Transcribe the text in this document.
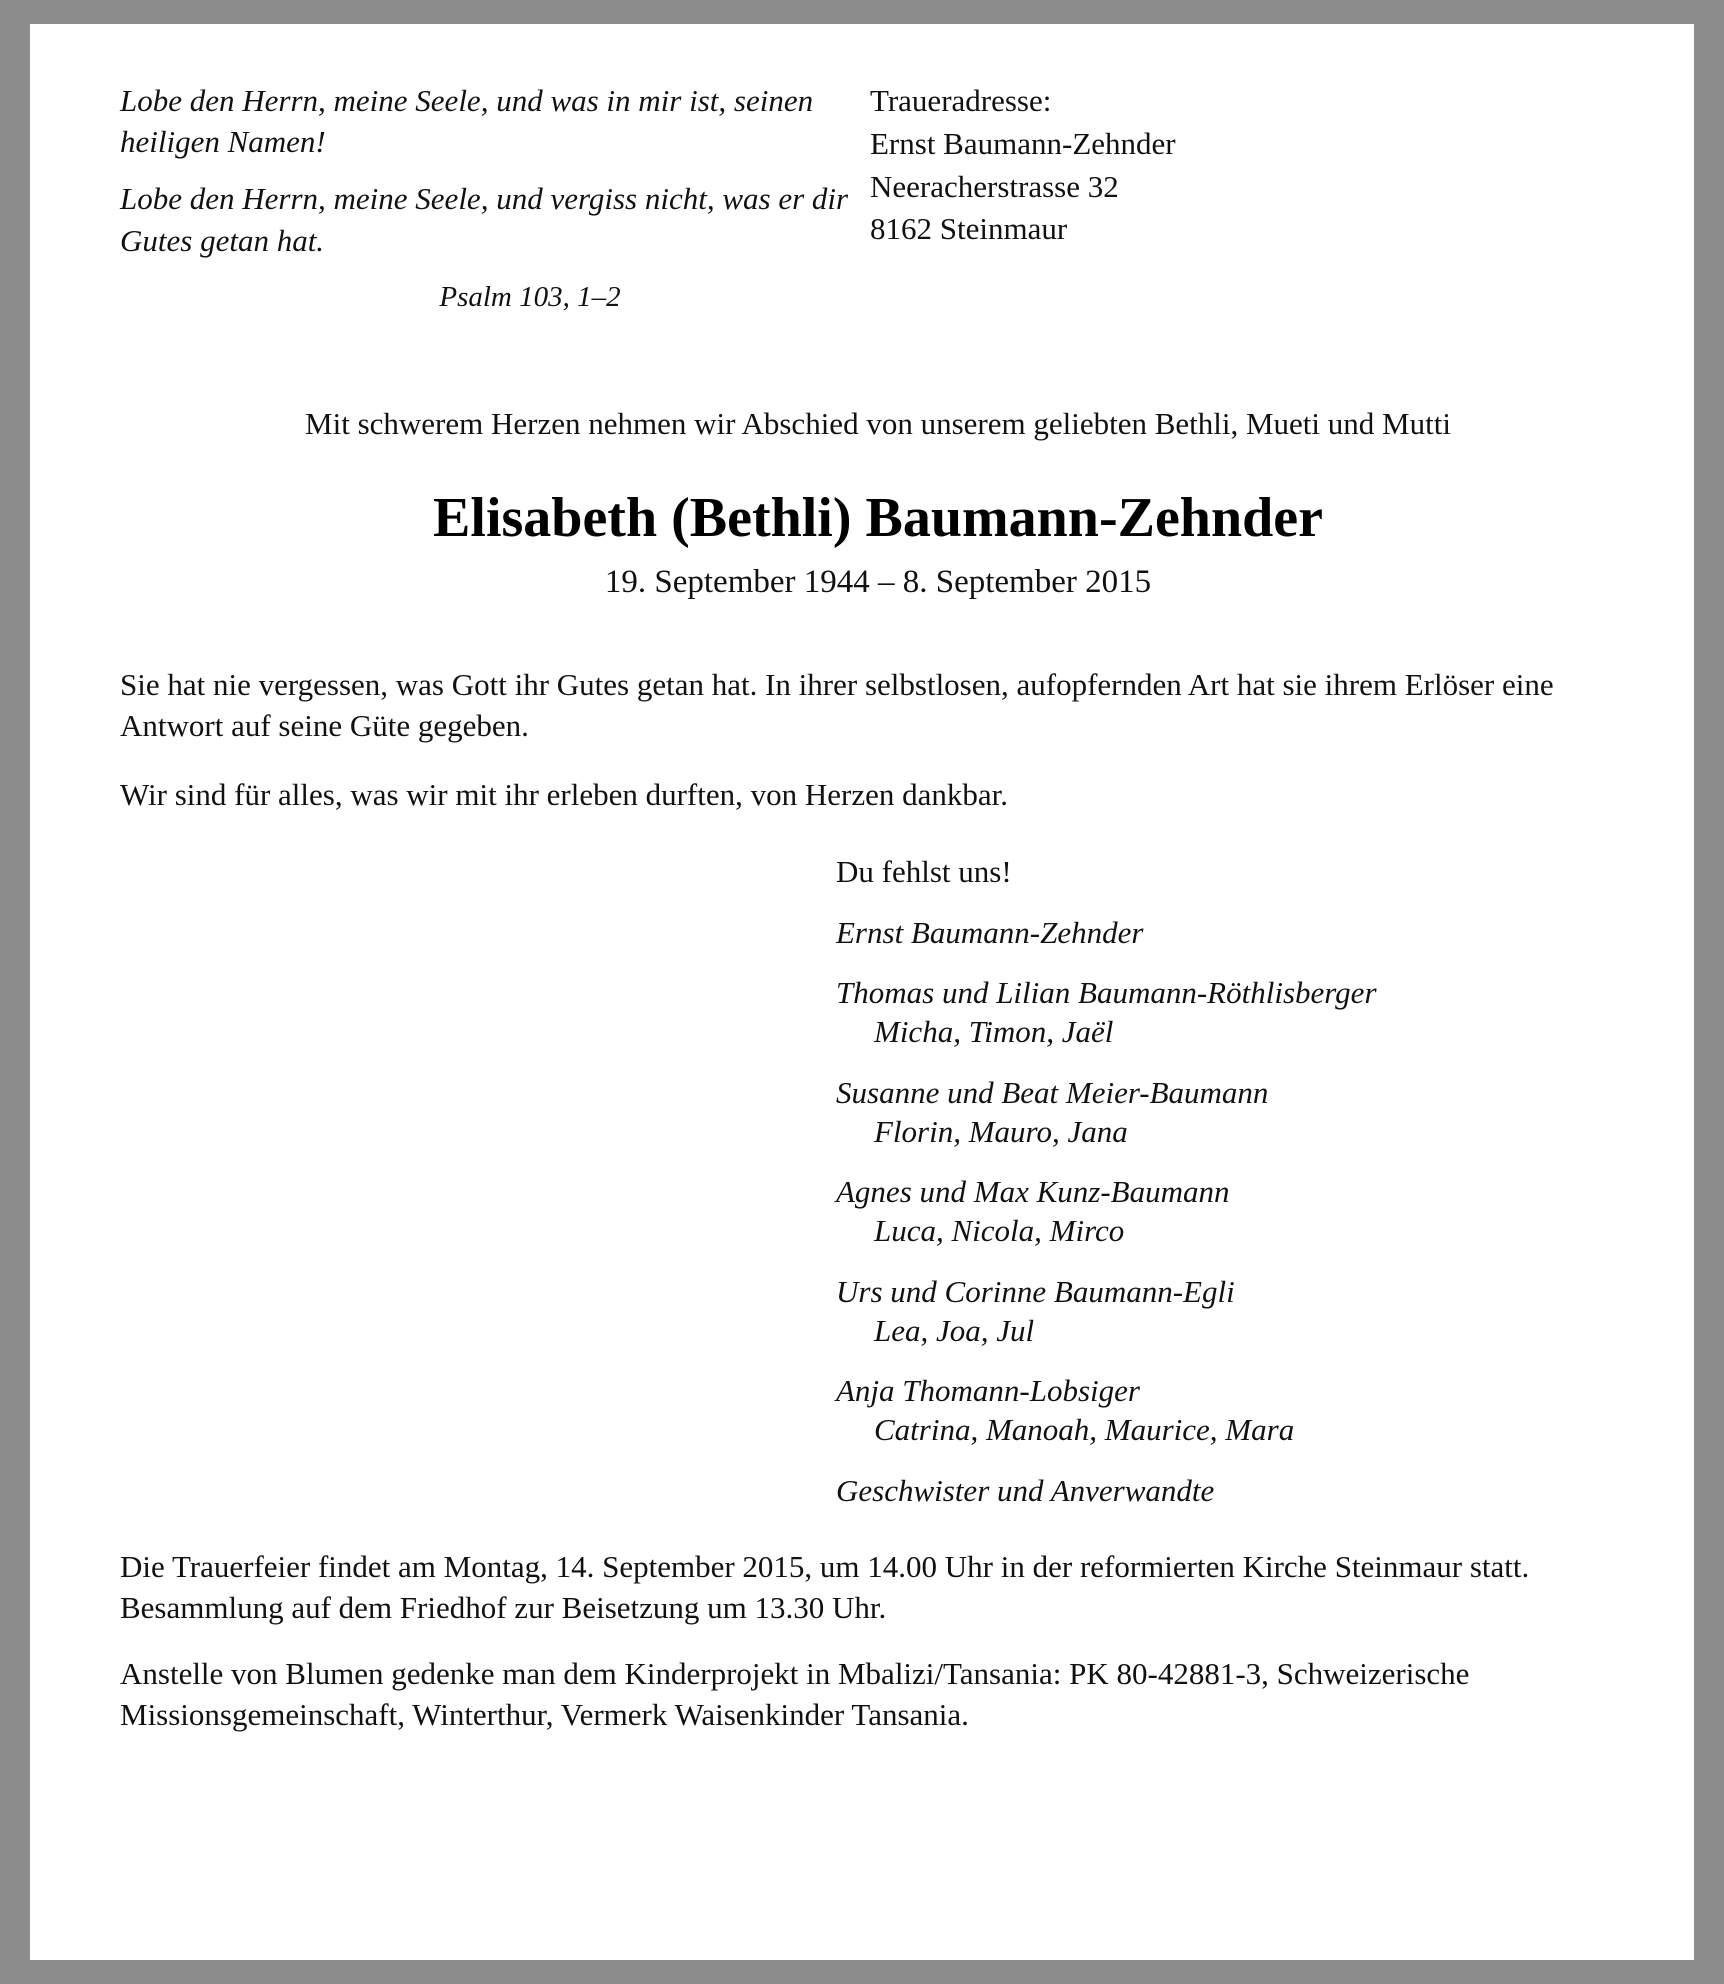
Lobe den Herrn, meine Seele, und was in mir ist, seinen heiligen Namen!
Lobe den Herrn, meine Seele, und vergiss nicht, was er dir Gutes getan hat.
Psalm 103, 1–2
Traueradresse:
Ernst Baumann-Zehnder
Neeracherstrasse 32
8162 Steinmaur
Mit schwerem Herzen nehmen wir Abschied von unserem geliebten Bethli, Mueti und Mutti
Elisabeth (Bethli) Baumann-Zehnder
19. September 1944 – 8. September 2015
Sie hat nie vergessen, was Gott ihr Gutes getan hat. In ihrer selbstlosen, aufopfernden Art hat sie ihrem Erlöser eine Antwort auf seine Güte gegeben.
Wir sind für alles, was wir mit ihr erleben durften, von Herzen dankbar.
Du fehlst uns!
Ernst Baumann-Zehnder
Thomas und Lilian Baumann-Röthlisberger
Micha, Timon, Jaël
Susanne und Beat Meier-Baumann
Florin, Mauro, Jana
Agnes und Max Kunz-Baumann
Luca, Nicola, Mirco
Urs und Corinne Baumann-Egli
Lea, Joa, Jul
Anja Thomann-Lobsiger
Catrina, Manoah, Maurice, Mara
Geschwister und Anverwandte
Die Trauerfeier findet am Montag, 14. September 2015, um 14.00 Uhr in der reformierten Kirche Steinmaur statt. Besammlung auf dem Friedhof zur Beisetzung um 13.30 Uhr.
Anstelle von Blumen gedenke man dem Kinderprojekt in Mbalizi/Tansania: PK 80-42881-3, Schweizerische Missionsgemeinschaft, Winterthur, Vermerk Waisenkinder Tansania.
